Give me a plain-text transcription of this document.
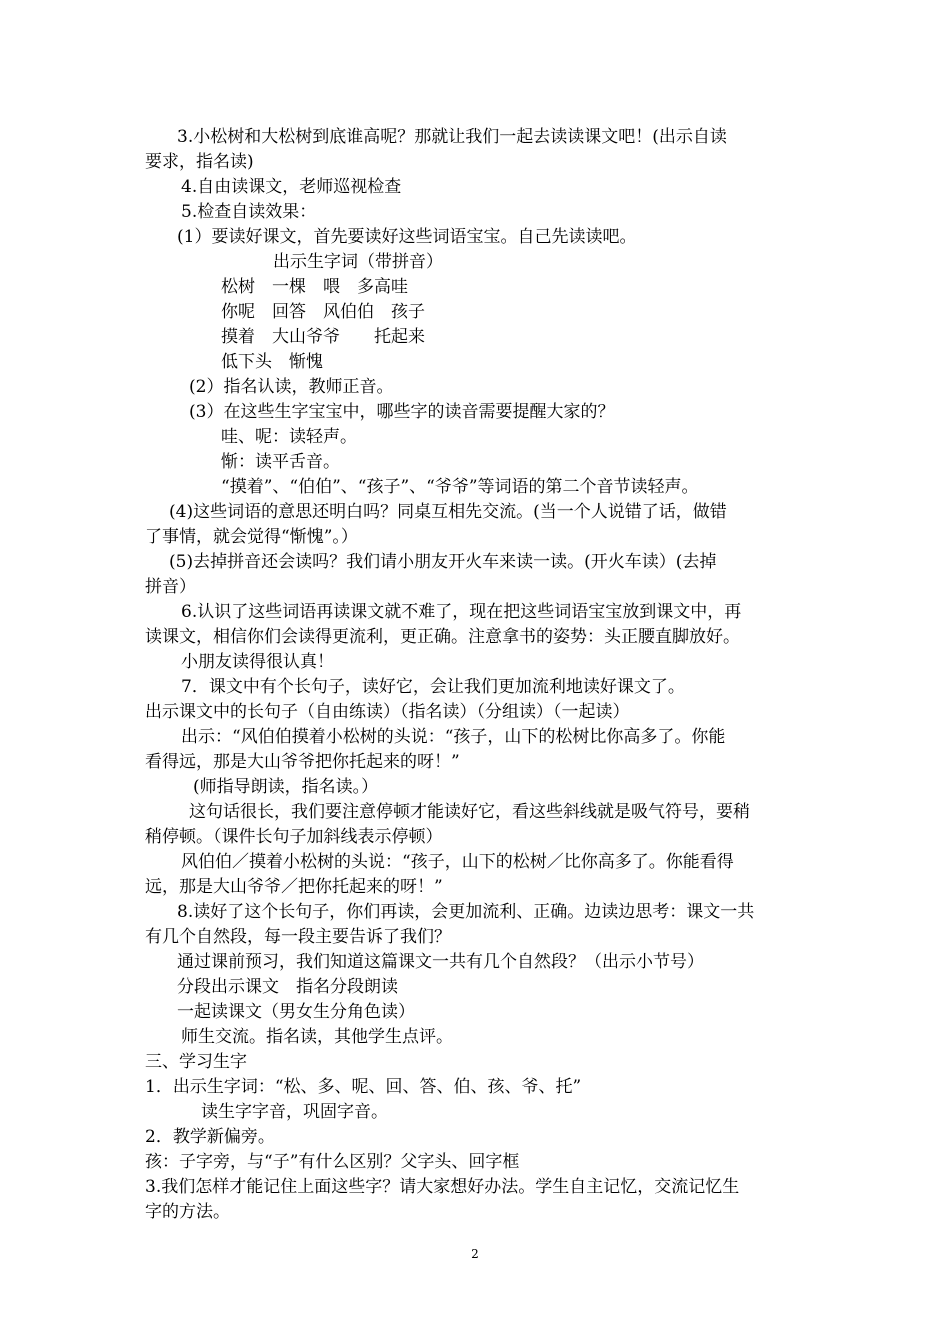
3.小松树和大松树到底谁高呢？那就让我们一起去读读课文吧！(出示自读

要求，指名读)

4.自由读课文，老师巡视检查

5.检查自读效果：

(1）要读好课文，首先要读好这些词语宝宝。自己先读读吧。

出示生字词（带拼音）

松树　一棵　喂　多高哇

你呢　回答　风伯伯　孩子

摸着　大山爷爷　　托起来

低下头　惭愧

(2）指名认读，教师正音。

(3）在这些生字宝宝中，哪些字的读音需要提醒大家的？

哇、呢：读轻声。

惭：读平舌音。

“摸着”、“伯伯”、“孩子”、“爷爷”等词语的第二个音节读轻声。

(4)这些词语的意思还明白吗？同桌互相先交流。(当一个人说错了话，做错

了事情，就会觉得“惭愧”。）

(5)去掉拼音还会读吗？我们请小朋友开火车来读一读。(开火车读）(去掉

拼音）

6.认识了这些词语再读课文就不难了，现在把这些词语宝宝放到课文中，再

读课文，相信你们会读得更流利，更正确。注意拿书的姿势：头正腰直脚放好。

小朋友读得很认真！

7．课文中有个长句子，读好它，会让我们更加流利地读好课文了。

出示课文中的长句子（自由练读）（指名读）（分组读）（一起读）

出示：“风伯伯摸着小松树的头说：“孩子，山下的松树比你高多了。你能

看得远，那是大山爷爷把你托起来的呀！”

(师指导朗读，指名读。）

这句话很长，我们要注意停顿才能读好它，看这些斜线就是吸气符号，要稍

稍停顿。（课件长句子加斜线表示停顿）

风伯伯／摸着小松树的头说：“孩子，山下的松树／比你高多了。你能看得

远，那是大山爷爷／把你托起来的呀！”

8.读好了这个长句子，你们再读，会更加流利、正确。边读边思考：课文一共

有几个自然段，每一段主要告诉了我们？

通过课前预习，我们知道这篇课文一共有几个自然段？（出示小节号）

分段出示课文　指名分段朗读

一起读课文（男女生分角色读）

师生交流。指名读，其他学生点评。

三、学习生字

1．出示生字词：“松、多、呢、回、答、伯、孩、爷、托”

读生字字音，巩固字音。

2．教学新偏旁。

孩：子字旁，与“子”有什么区别？父字头、回字框

3.我们怎样才能记住上面这些字？请大家想好办法。学生自主记忆，交流记忆生

字的方法。

2
